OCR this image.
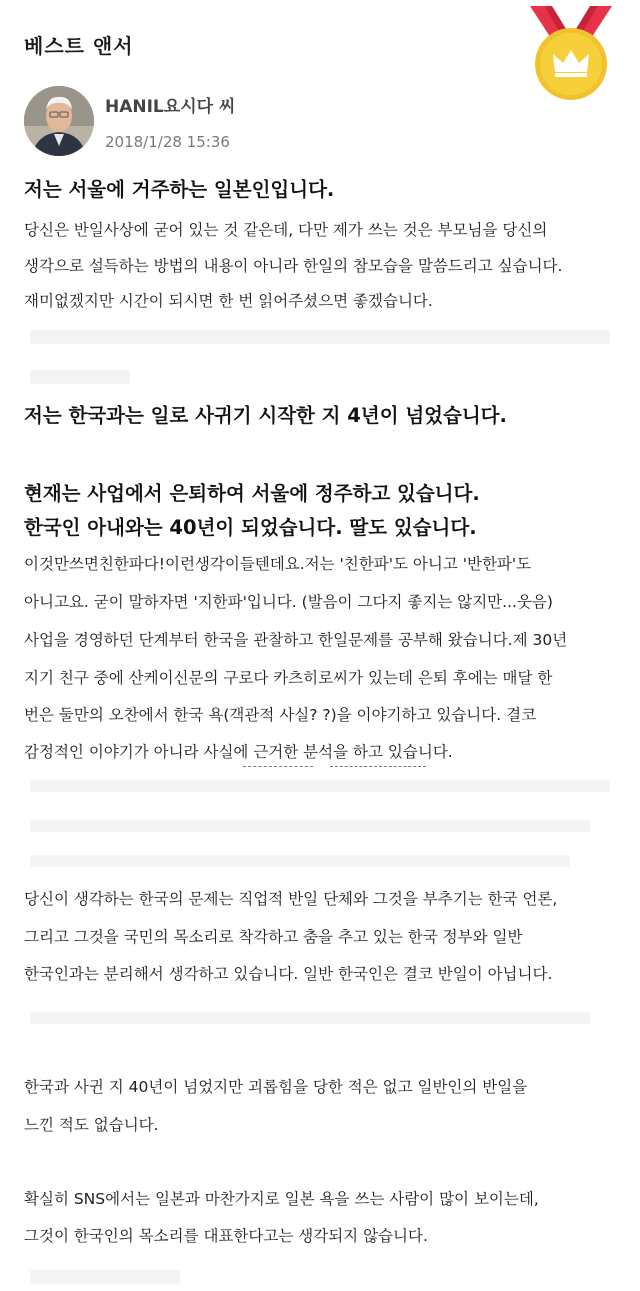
베스트 앤서
HANIL요시다 씨
2018/1/28 15:36
저는 서울에 거주하는 일본인입니다.
당신은 반일사상에 굳어 있는 것 같은데, 다만 제가 쓰는 것은 부모님을 당신의
생각으로 설득하는 방법의 내용이 아니라 한일의 참모습을 말씀드리고 싶습니다.
재미없겠지만 시간이 되시면 한 번 읽어주셨으면 좋겠습니다.
저는 한국과는 일로 사귀기 시작한 지 4년이 넘었습니다.
현재는 사업에서 은퇴하여 서울에 정주하고 있습니다.
한국인 아내와는 40년이 되었습니다. 딸도 있습니다.
이것만쓰면친한파다!이런생각이들텐데요.저는 '친한파'도 아니고 '반한파'도
아니고요. 굳이 말하자면 '지한파'입니다. (발음이 그다지 좋지는 않지만...웃음)
사업을 경영하던 단계부터 한국을 관찰하고 한일문제를 공부해 왔습니다.제 30년
지기 친구 중에 산케이신문의 구로다 카츠히로씨가 있는데 은퇴 후에는 매달 한
번은 둘만의 오찬에서 한국 욕(객관적 사실? ?)을 이야기하고 있습니다. 결코
감정적인 이야기가 아니라 사실에 근거한 분석을 하고 있습니다.
당신이 생각하는 한국의 문제는 직업적 반일 단체와 그것을 부추기는 한국 언론,
그리고 그것을 국민의 목소리로 착각하고 춤을 추고 있는 한국 정부와 일반
한국인과는 분리해서 생각하고 있습니다. 일반 한국인은 결코 반일이 아닙니다.
한국과 사귄 지 40년이 넘었지만 괴롭힘을 당한 적은 없고 일반인의 반일을
느낀 적도 없습니다.
확실히 SNS에서는 일본과 마찬가지로 일본 욕을 쓰는 사람이 많이 보이는데,
그것이 한국인의 목소리를 대표한다고는 생각되지 않습니다.
